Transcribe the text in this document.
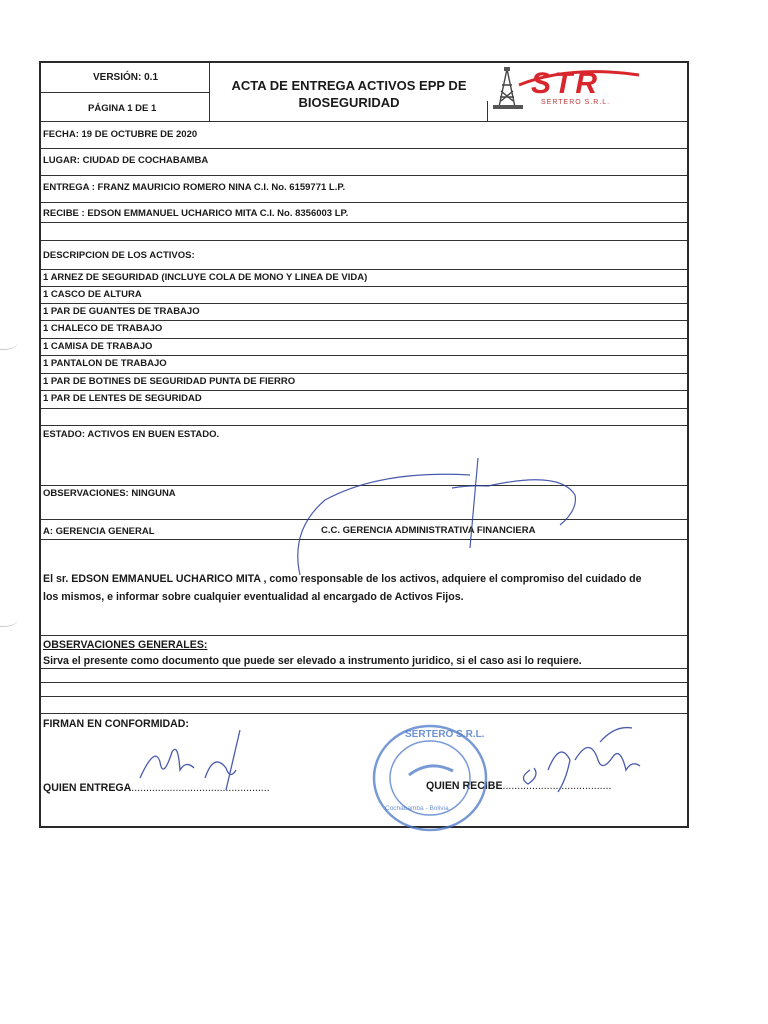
VERSIÓN: 0.1
PÁGINA 1 DE 1
ACTA DE ENTREGA ACTIVOS EPP DE
BIOSEGURIDAD
STR
SERTERO S.R.L.
FECHA: 19 DE OCTUBRE DE 2020
LUGAR: CIUDAD DE COCHABAMBA
ENTREGA : FRANZ MAURICIO ROMERO NINA C.I. No. 6159771 L.P.
RECIBE : EDSON EMMANUEL UCHARICO MITA C.I. No. 8356003 LP.
DESCRIPCION DE LOS ACTIVOS:
1 ARNEZ DE SEGURIDAD (INCLUYE COLA DE MONO Y LINEA DE VIDA)
1 CASCO DE ALTURA
1 PAR DE GUANTES DE TRABAJO
1 CHALECO DE TRABAJO
1 CAMISA DE TRABAJO
1 PANTALON DE TRABAJO
1 PAR DE BOTINES DE SEGURIDAD PUNTA DE FIERRO
1 PAR DE LENTES DE SEGURIDAD
ESTADO: ACTIVOS EN BUEN ESTADO.
OBSERVACIONES: NINGUNA
A: GERENCIA GENERAL	C.C. GERENCIA ADMINISTRATIVA FINANCIERA
El sr. EDSON EMMANUEL UCHARICO MITA , como responsable de los activos, adquiere el compromiso del cuidado de
los mismos, e informar sobre cualquier eventualidad al encargado de Activos Fijos.
OBSERVACIONES GENERALES:
Sirva el presente como documento que puede ser elevado a instrumento juridico, si el caso asi lo requiere.
FIRMAN EN CONFORMIDAD:
QUIEN ENTREGA...............................................	QUIEN RECIBE.....................................
SERTERO S.R.L.
Cochabamba - Bolivia
